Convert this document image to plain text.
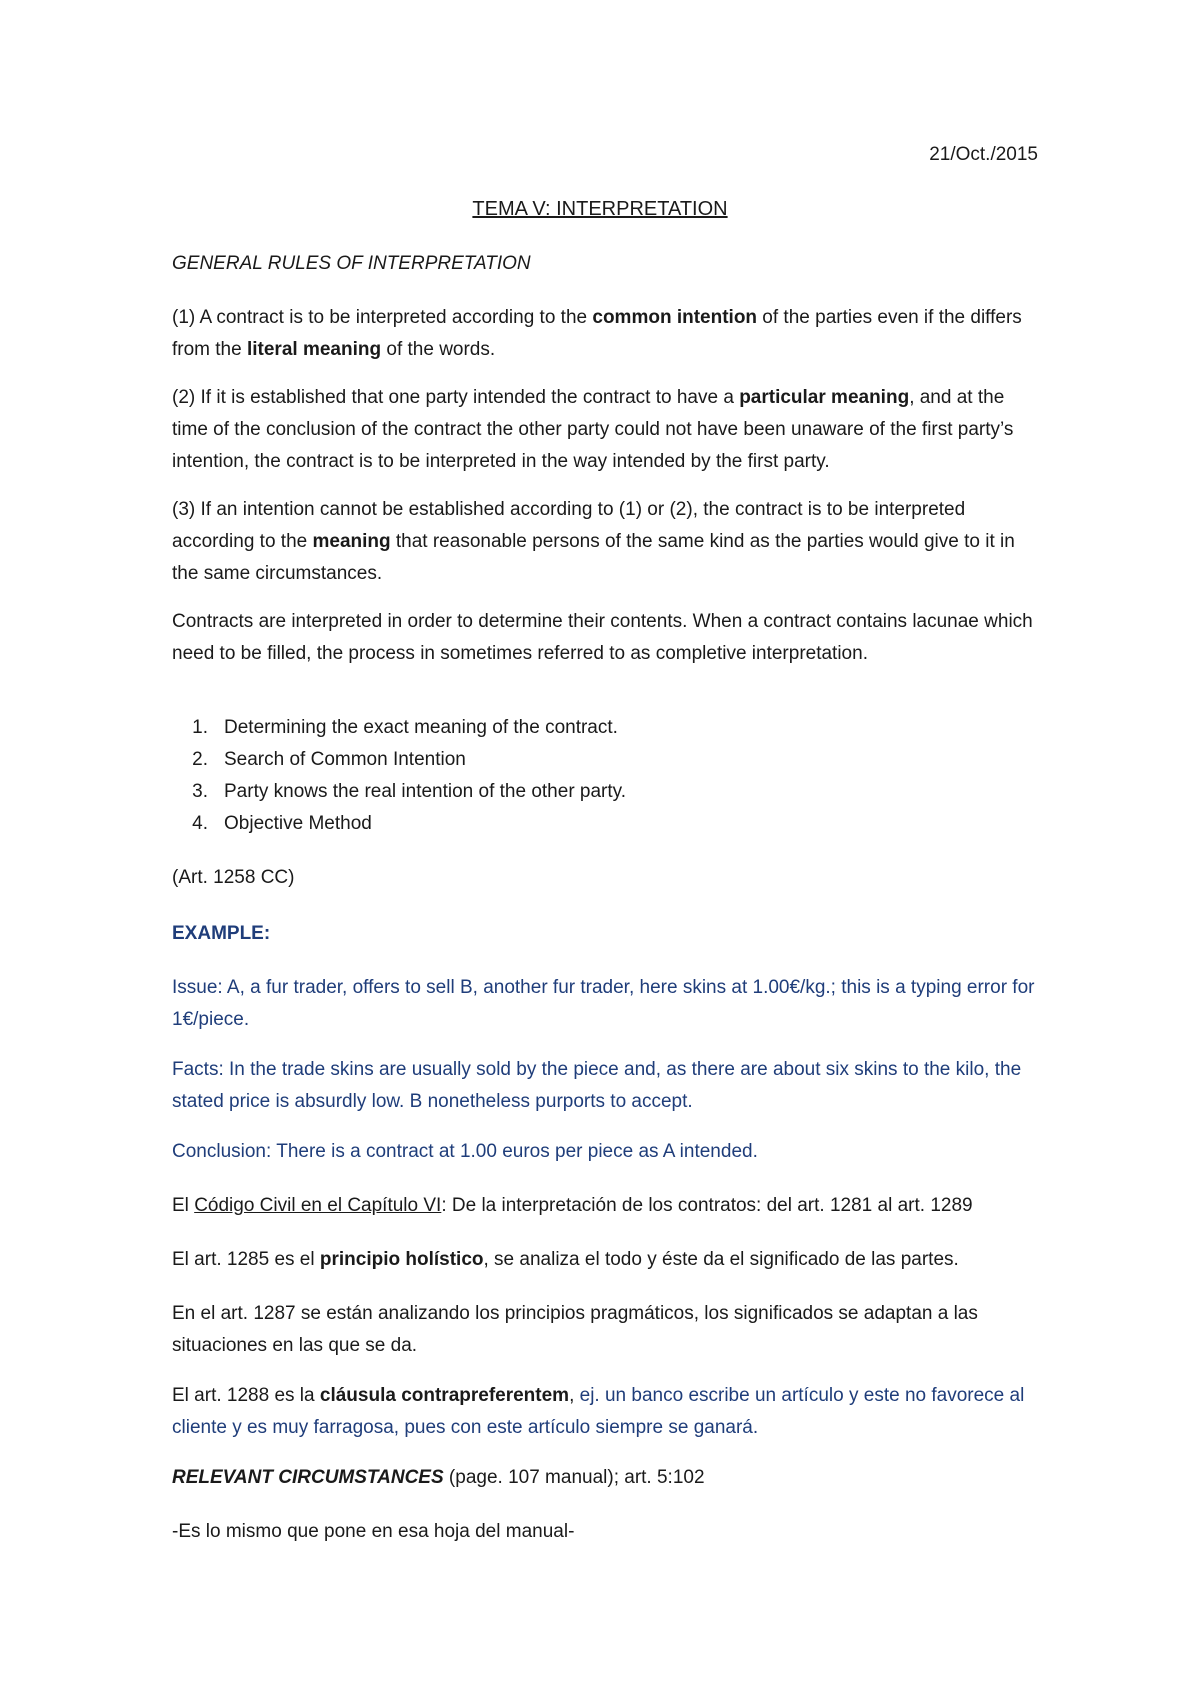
21/Oct./2015
TEMA V: INTERPRETATION

GENERAL RULES OF INTERPRETATION

(1) A contract is to be interpreted according to the common intention of the parties even if the differs from the literal meaning of the words.

(2) If it is established that one party intended the contract to have a particular meaning, and at the time of the conclusion of the contract the other party could not have been unaware of the first party’s intention, the contract is to be interpreted in the way intended by the first party.

(3) If an intention cannot be established according to (1) or (2), the contract is to be interpreted according to the meaning that reasonable persons of the same kind as the parties would give to it in the same circumstances.

Contracts are interpreted in order to determine their contents. When a contract contains lacunae which need to be filled, the process in sometimes referred to as completive interpretation.

1. Determining the exact meaning of the contract.
2. Search of Common Intention
3. Party knows the real intention of the other party.
4. Objective Method

(Art. 1258 CC)

EXAMPLE:

Issue: A, a fur trader, offers to sell B, another fur trader, here skins at 1.00€/kg.; this is a typing error for 1€/piece.

Facts: In the trade skins are usually sold by the piece and, as there are about six skins to the kilo, the stated price is absurdly low. B nonetheless purports to accept.

Conclusion: There is a contract at 1.00 euros per piece as A intended.

El Código Civil en el Capítulo VI: De la interpretación de los contratos: del art. 1281 al art. 1289

El art. 1285 es el principio holístico, se analiza el todo y éste da el significado de las partes.

En el art. 1287 se están analizando los principios pragmáticos, los significados se adaptan a las situaciones en las que se da.

El art. 1288 es la cláusula contrapreferentem, ej. un banco escribe un artículo y este no favorece al cliente y es muy farragosa, pues con este artículo siempre se ganará.

RELEVANT CIRCUMSTANCES (page. 107 manual); art. 5:102

-Es lo mismo que pone en esa hoja del manual-
